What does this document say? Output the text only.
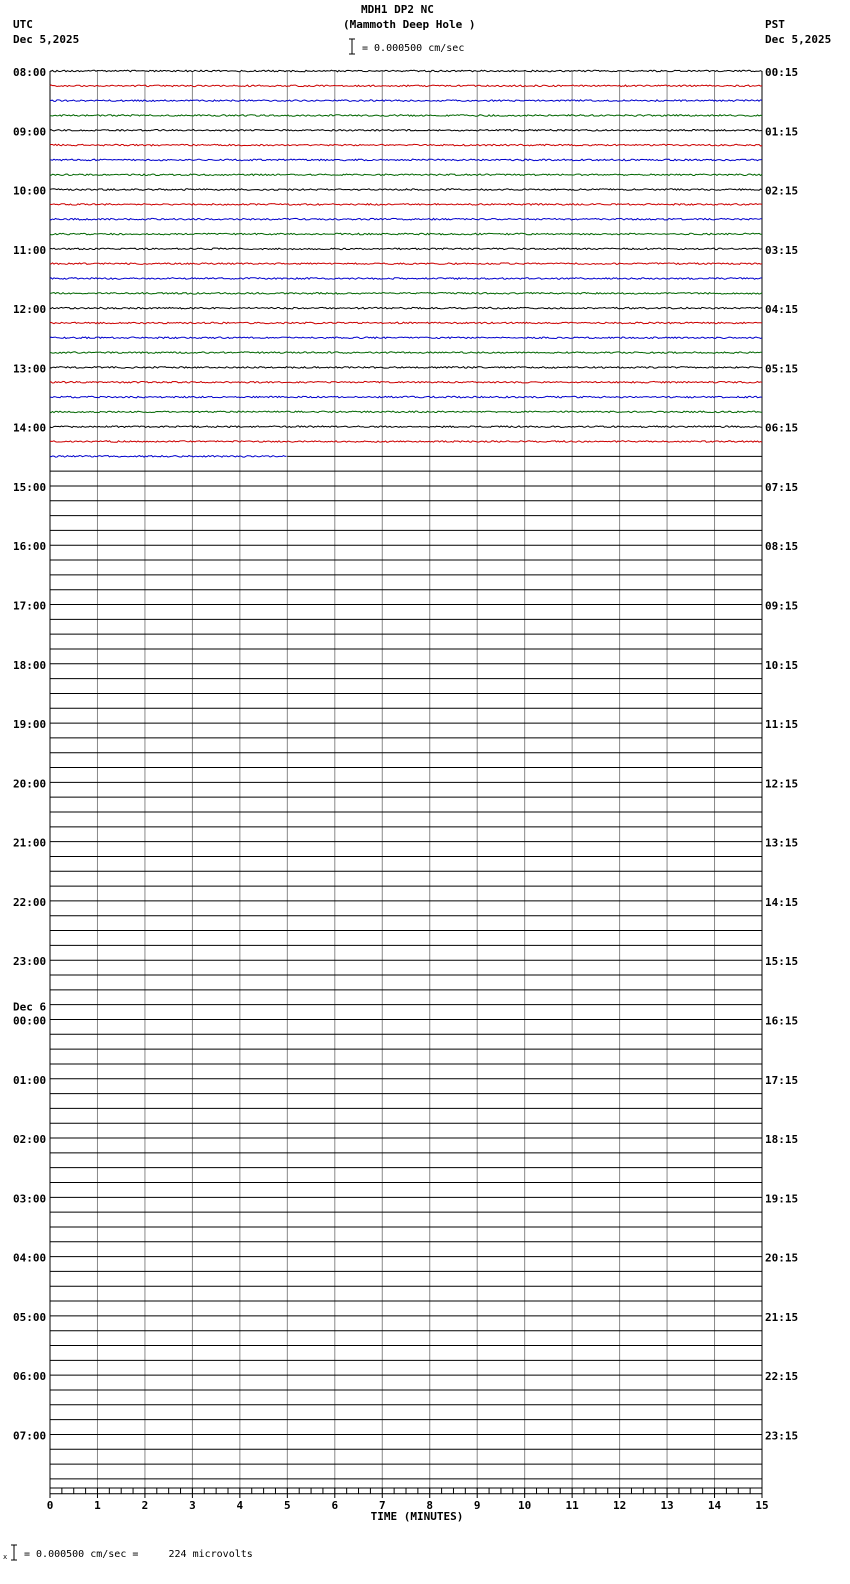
MDH1 DP2 NC
(Mammoth Deep Hole )
UTC
Dec 5,2025
PST
Dec 5,2025
x
08:00
09:00
10:00
11:00
12:00
13:00
14:00
15:00
16:00
17:00
18:00
19:00
20:00
21:00
22:00
23:00
00:00
01:00
02:00
03:00
04:00
05:00
06:00
07:00
00:15
01:15
02:15
03:15
04:15
05:15
06:15
07:15
08:15
09:15
10:15
11:15
12:15
13:15
14:15
15:15
16:15
17:15
18:15
19:15
20:15
21:15
22:15
23:15
Dec 6
0	1	2	3	4	5	6	7	8	9	10	11	12	13	14	15
TIME (MINUTES)
= 0.000500 cm/sec
= 0.000500 cm/sec =     224 microvolts
